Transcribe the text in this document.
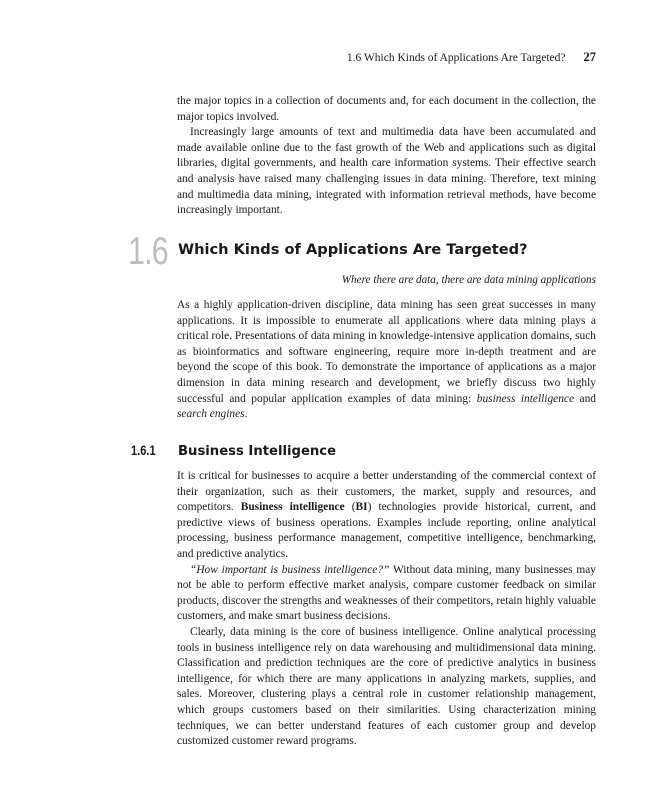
1.6 Which Kinds of Applications Are Targeted? 27

the major topics in a collection of documents and, for each document in the collection, the major topics involved.

Increasingly large amounts of text and multimedia data have been accumulated and made available online due to the fast growth of the Web and applications such as digital libraries, digital governments, and health care information systems. Their effective search and analysis have raised many challenging issues in data mining. Therefore, text mining and multimedia data mining, integrated with information retrieval methods, have become increasingly important.

1.6 Which Kinds of Applications Are Targeted?
Where there are data, there are data mining applications

As a highly application-driven discipline, data mining has seen great successes in many applications. It is impossible to enumerate all applications where data mining plays a critical role. Presentations of data mining in knowledge-intensive application domains, such as bioinformatics and software engineering, require more in-depth treatment and are beyond the scope of this book. To demonstrate the importance of applications as a major dimension in data mining research and development, we briefly discuss two highly successful and popular application examples of data mining: business intelligence and search engines.

1.6.1 Business Intelligence

It is critical for businesses to acquire a better understanding of the commercial context of their organization, such as their customers, the market, supply and resources, and competitors. Business intelligence (BI) technologies provide historical, current, and predictive views of business operations. Examples include reporting, online analytical processing, business performance management, competitive intelligence, benchmarking, and predictive analytics.

“How important is business intelligence?” Without data mining, many businesses may not be able to perform effective market analysis, compare customer feedback on similar products, discover the strengths and weaknesses of their competitors, retain highly valuable customers, and make smart business decisions.

Clearly, data mining is the core of business intelligence. Online analytical processing tools in business intelligence rely on data warehousing and multidimensional data mining. Classification and prediction techniques are the core of predictive analytics in business intelligence, for which there are many applications in analyzing markets, supplies, and sales. Moreover, clustering plays a central role in customer relationship management, which groups customers based on their similarities. Using characterization mining techniques, we can better understand features of each customer group and develop customized customer reward programs.
